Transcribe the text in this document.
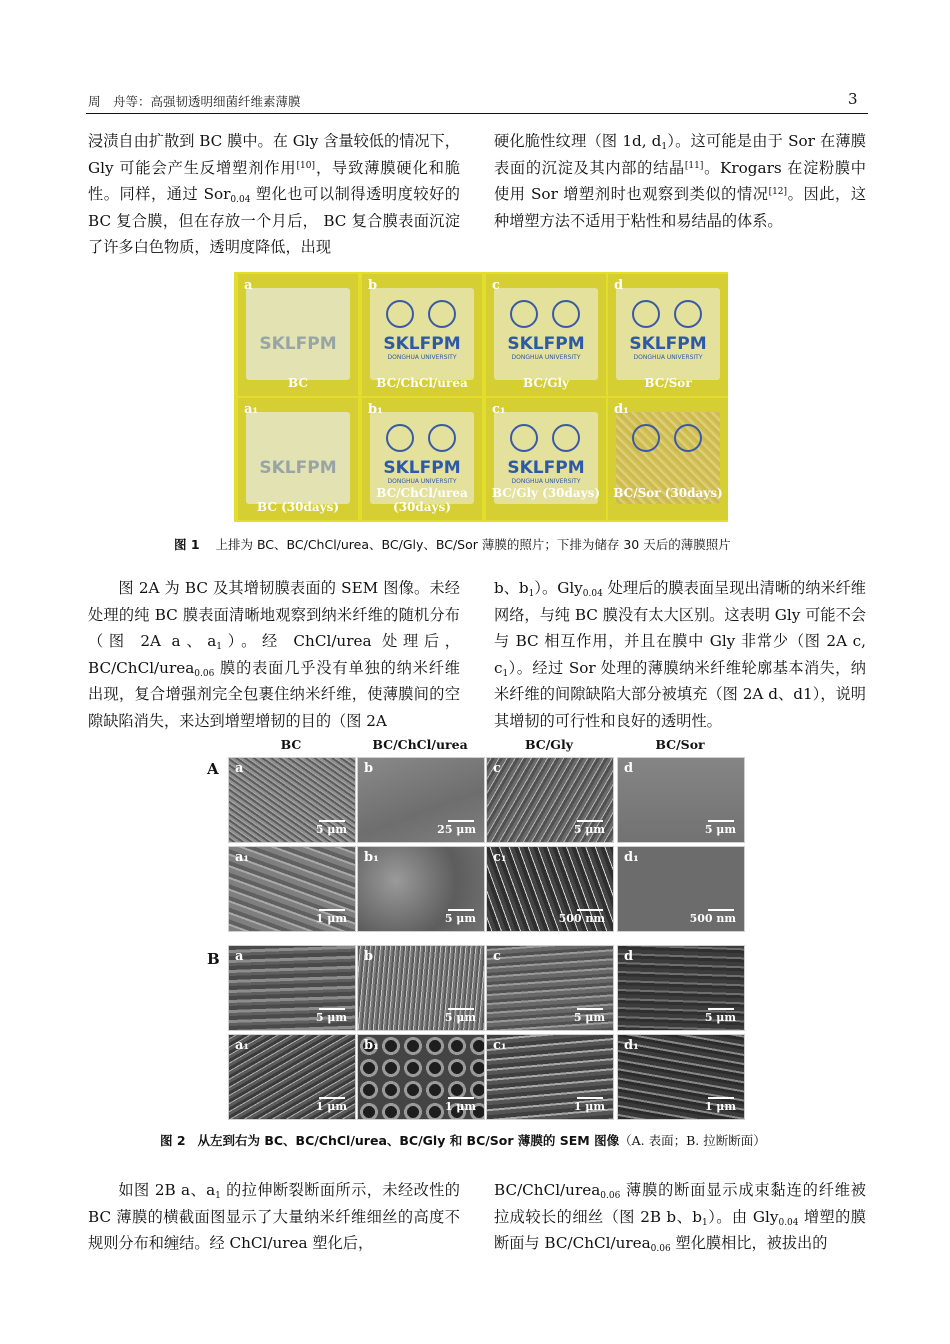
周　舟等：高强韧透明细菌纤维素薄膜	3
浸渍自由扩散到 BC 膜中。在 Gly 含量较低的情况下，Gly 可能会产生反增塑剂作用[10]，导致薄膜硬化和脆性。同样，通过 Sor$_{0.04}$ 塑化也可以制得透明度较好的 BC 复合膜，但在存放一个月后， BC 复合膜表面沉淀了许多白色物质，透明度降低，出现
硬化脆性纹理（图 1d, $d_1$）。这可能是由于 Sor 在薄膜表面的沉淀及其内部的结晶[11]。Krogars 在淀粉膜中使用 Sor 增塑剂时也观察到类似的情况[12]。因此，这种增塑方法不适用于粘性和易结晶的体系。
SKLFPM
a
BC
SKLFPM
DONGHUA UNIVERSITY
b
BC/ChCl/urea
SKLFPM
DONGHUA UNIVERSITY
c
BC/Gly
SKLFPM
DONGHUA UNIVERSITY
d
BC/Sor
SKLFPM
a₁
BC (30days)
SKLFPM
DONGHUA UNIVERSITY
b₁
BC/ChCl/urea (30days)
SKLFPM
DONGHUA UNIVERSITY
c₁
BC/Gly (30days)
d₁
BC/Sor (30days)
图 1 上排为 BC、BC/ChCl/urea、BC/Gly、BC/Sor 薄膜的照片；下排为储存 30 天后的薄膜照片

图 2A 为 BC 及其增韧膜表面的 SEM 图像。未经处理的纯 BC 膜表面清晰地观察到纳米纤维的随机分布（图 2A a、$a_1$）。经 ChCl/urea 处理后，BC/ChCl/urea$_{0.06}$ 膜的表面几乎没有单独的纳米纤维出现，复合增强剂完全包裹住纳米纤维，使薄膜间的空隙缺陷消失，来达到增塑增韧的目的（图 2A

b、$b_1$）。Gly$_{0.04}$ 处理后的膜表面呈现出清晰的纳米纤维网络，与纯 BC 膜没有太大区别。这表明 Gly 可能不会与 BC 相互作用，并且在膜中 Gly 非常少（图 2A c, $c_1$）。经过 Sor 处理的薄膜纳米纤维轮廓基本消失，纳米纤维的间隙缺陷大部分被填充（图 2A d、d1），说明其增韧的可行性和良好的透明性。
BC	BC/ChCl/urea	BC/Gly	BC/Sor
A
B
a
5 μm
b
25 μm
c
5 μm
d
5 μm
a₁
1 μm
b₁
5 μm
c₁
500 nm
d₁
500 nm
a
5 μm
b
5 μm
c
5 μm
d
5 μm
a₁
1 μm
b₁
1 μm
c₁
1 μm
d₁
1 μm
图 2 从左到右为 BC、BC/ChCl/urea、BC/Gly 和 BC/Sor 薄膜的 SEM 图像（A. 表面；B. 拉断断面）

如图 2B a、$a_1$ 的拉伸断裂断面所示，未经改性的 BC 薄膜的横截面图显示了大量纳米纤维细丝的高度不规则分布和缠结。经 ChCl/urea 塑化后，

BC/ChCl/urea$_{0.06}$ 薄膜的断面显示成束黏连的纤维被拉成较长的细丝（图 2B b、$b_1$）。由 Gly$_{0.04}$ 增塑的膜断面与 BC/ChCl/urea$_{0.06}$ 塑化膜相比，被拔出的
